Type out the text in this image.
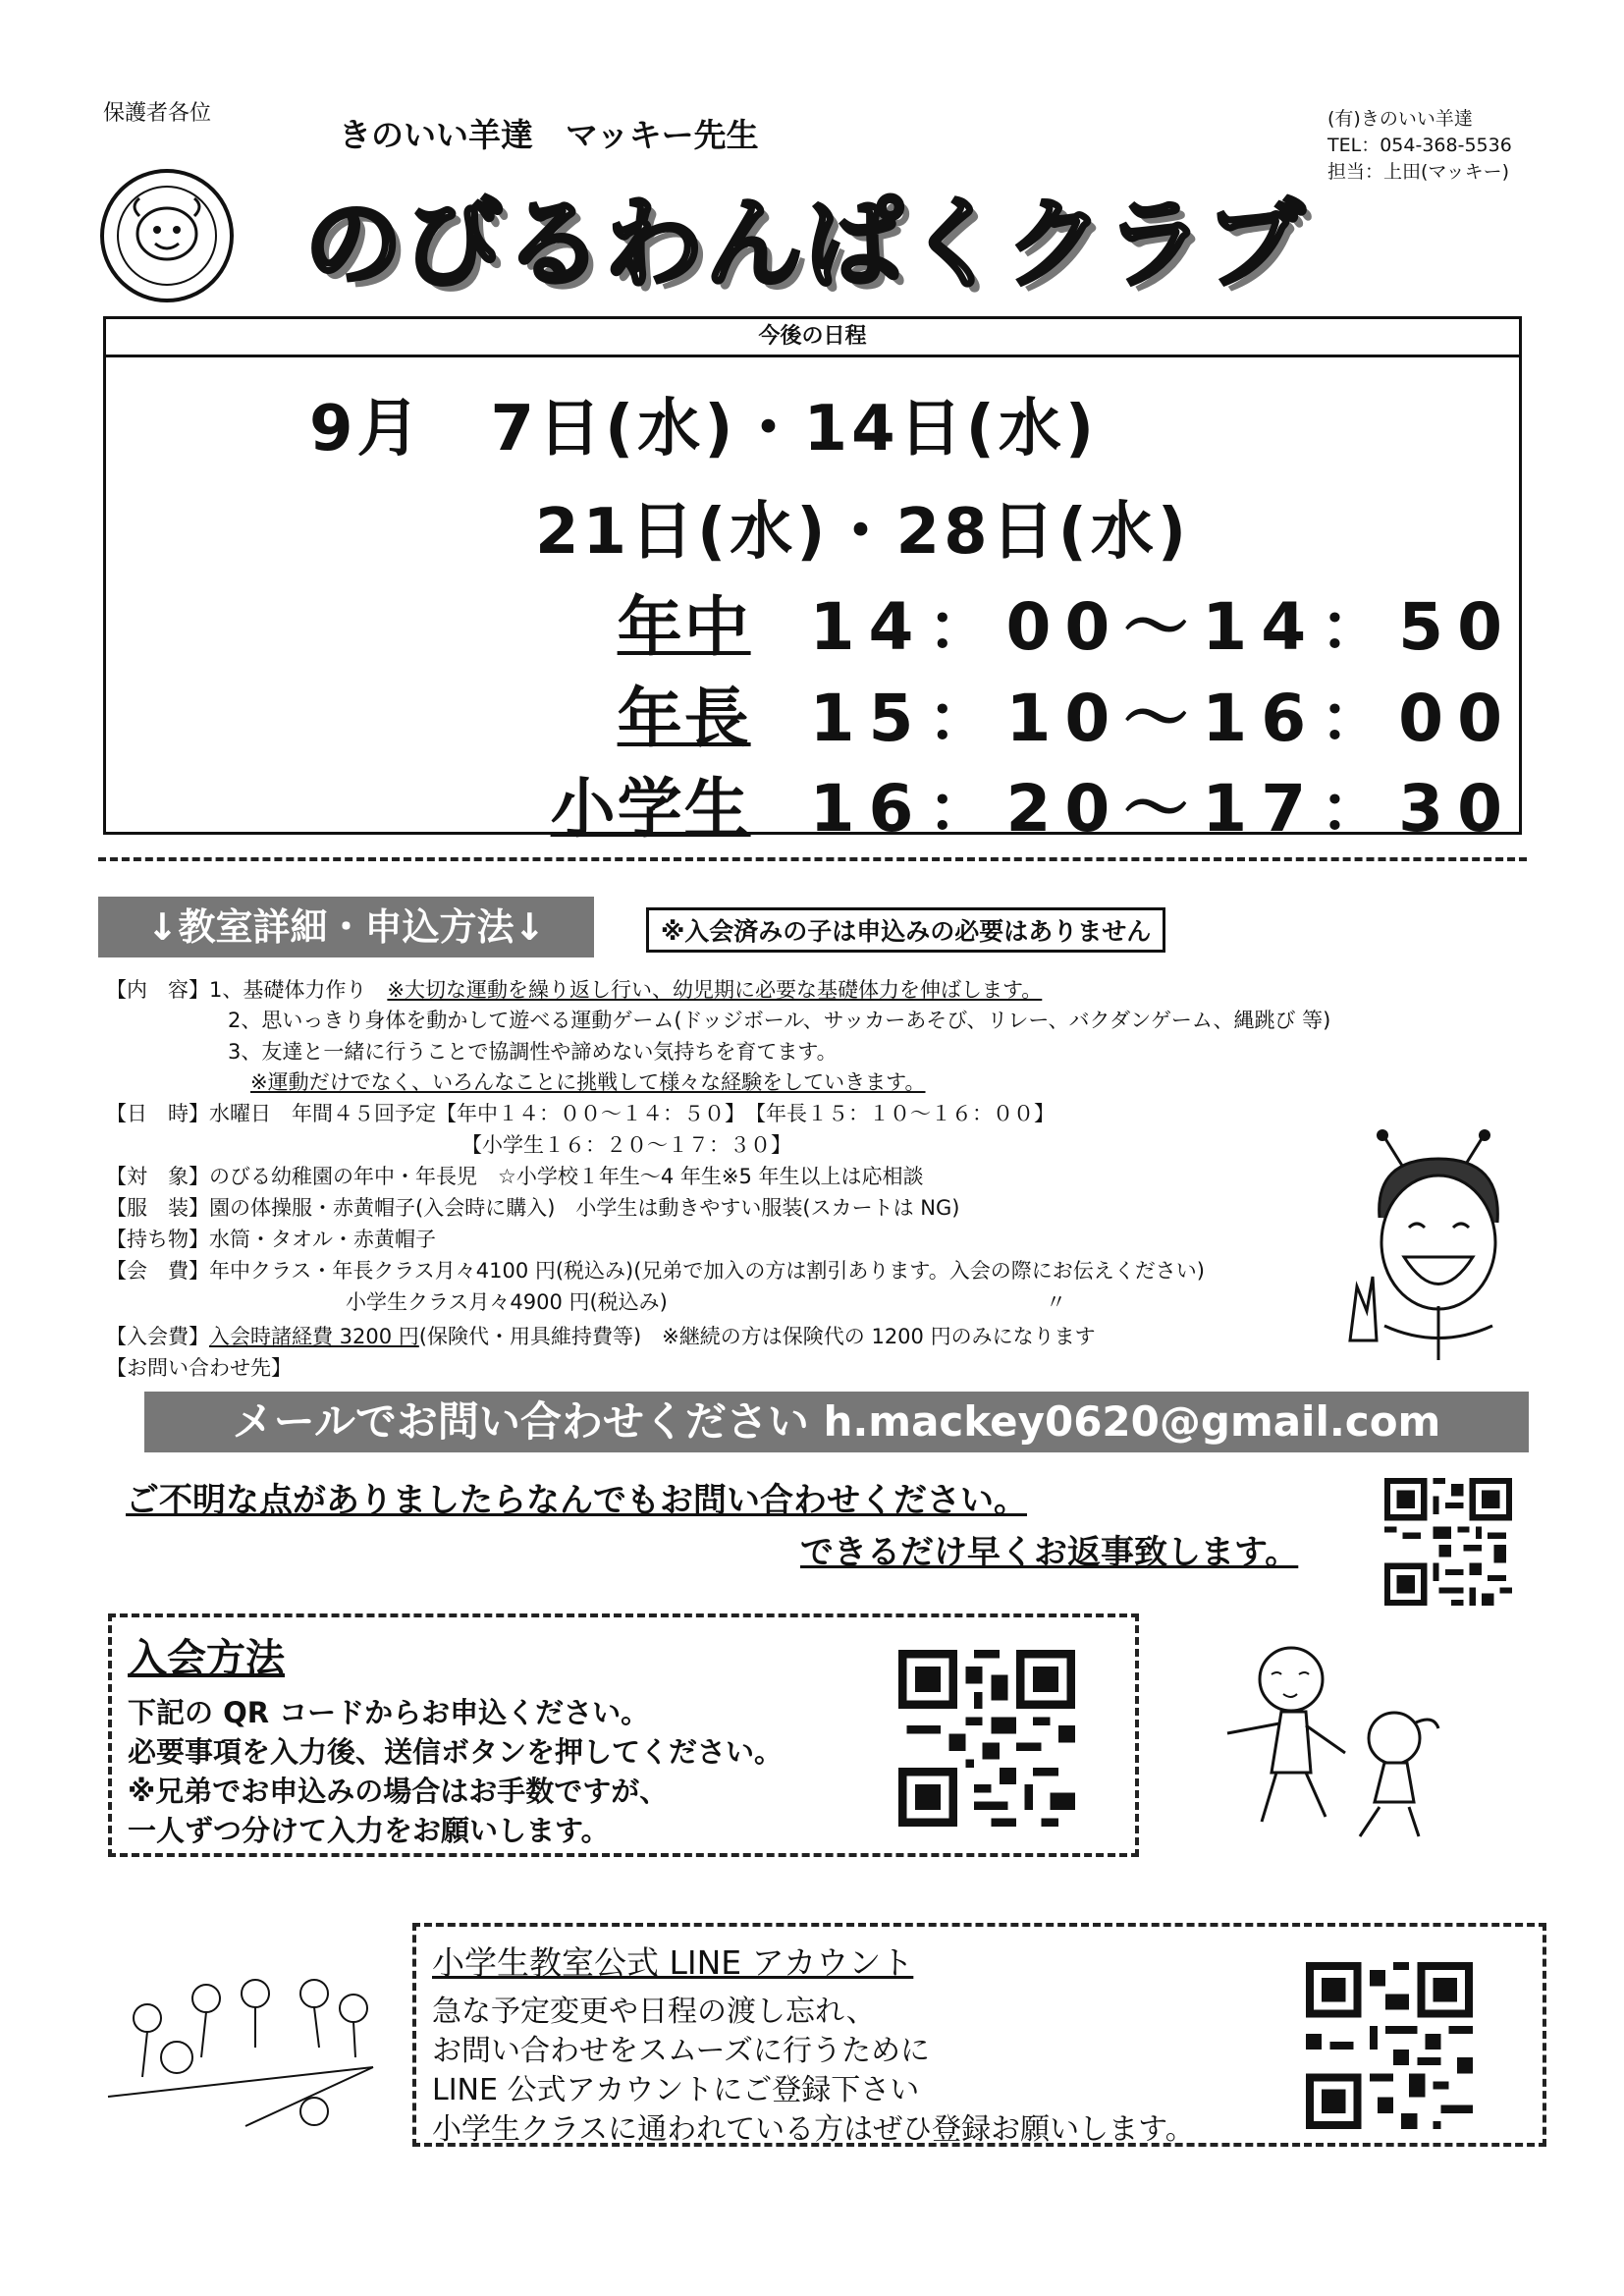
保護者各位
きのいい羊達　マッキー先生
のびるわんぱくクラブ
(有)きのいい羊達
TEL：054-368-5536
担当：上田(マッキー)
今後の日程
9月　7日(水)・14日(水)
21日(水)・28日(水)
年中 14：00～14：50
年長 15：10～16：00
小学生 16：20～17：30
↓教室詳細・申込方法↓	※入会済みの子は申込みの必要はありません
【内　容】1、基礎体力作り　※大切な運動を繰り返し行い、幼児期に必要な基礎体力を伸ばします。
2、思いっきり身体を動かして遊べる運動ゲーム(ドッジボール、サッカーあそび、リレー、バクダンゲーム、縄跳び 等)
3、友達と一緒に行うことで協調性や諦めない気持ちを育てます。
※運動だけでなく、いろんなことに挑戦して様々な経験をしていきます。
【日　時】水曜日　年間４５回予定【年中１４：００～１４：５０】　【年長１５：１０～１６：００】
【小学生１６：２０～１７：３０】
【対　象】のびる幼稚園の年中・年長児　☆小学校１年生～4 年生※5 年生以上は応相談
【服　装】園の体操服・赤黄帽子(入会時に購入)　小学生は動きやすい服装(スカートは NG)
【持ち物】水筒・タオル・赤黄帽子
【会　費】年中クラス・年長クラス月々4100 円(税込み)(兄弟で加入の方は割引あります。入会の際にお伝えください)
小学生クラス月々4900 円(税込み)	〃
【入会費】入会時諸経費 3200 円(保険代・用具維持費等)　※継続の方は保険代の 1200 円のみになります
【お問い合わせ先】
メールでお問い合わせください h.mackey0620@gmail.com
ご不明な点がありましたらなんでもお問い合わせください。
できるだけ早くお返事致します。
入会方法
下記の QR コードからお申込ください。
必要事項を入力後、送信ボタンを押してください。
※兄弟でお申込みの場合はお手数ですが、
一人ずつ分けて入力をお願いします。
小学生教室公式 LINE アカウント
急な予定変更や日程の渡し忘れ、
お問い合わせをスムーズに行うために
LINE 公式アカウントにご登録下さい
小学生クラスに通われている方はぜひ登録お願いします。
